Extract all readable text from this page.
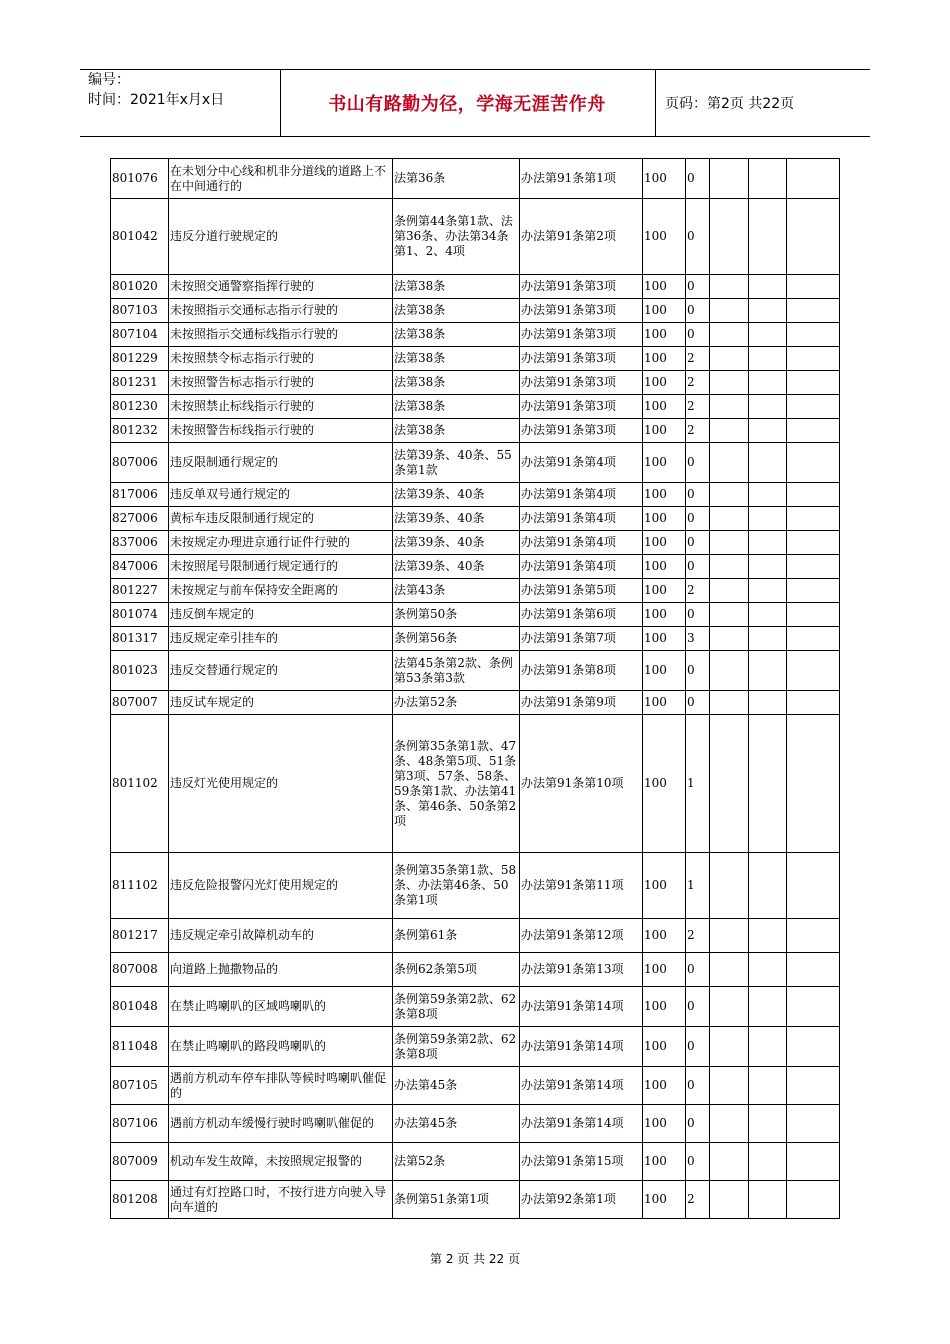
编号：
时间：2021年x月x日	书山有路勤为径，学海无涯苦作舟	页码：第2页 共22页
801076	在未划分中心线和机非分道线的道路上不在中间通行的	法第36条	办法第91条第1项	100	0			
801042	违反分道行驶规定的	条例第44条第1款、法第36条、办法第34条第1、2、4项	办法第91条第2项	100	0			
801020	未按照交通警察指挥行驶的	法第38条	办法第91条第3项	100	0			
807103	未按照指示交通标志指示行驶的	法第38条	办法第91条第3项	100	0			
807104	未按照指示交通标线指示行驶的	法第38条	办法第91条第3项	100	0			
801229	未按照禁令标志指示行驶的	法第38条	办法第91条第3项	100	2			
801231	未按照警告标志指示行驶的	法第38条	办法第91条第3项	100	2			
801230	未按照禁止标线指示行驶的	法第38条	办法第91条第3项	100	2			
801232	未按照警告标线指示行驶的	法第38条	办法第91条第3项	100	2			
807006	违反限制通行规定的	法第39条、40条、55条第1款	办法第91条第4项	100	0			
817006	违反单双号通行规定的	法第39条、40条	办法第91条第4项	100	0			
827006	黄标车违反限制通行规定的	法第39条、40条	办法第91条第4项	100	0			
837006	未按规定办理进京通行证件行驶的	法第39条、40条	办法第91条第4项	100	0			
847006	未按照尾号限制通行规定通行的	法第39条、40条	办法第91条第4项	100	0			
801227	未按规定与前车保持安全距离的	法第43条	办法第91条第5项	100	2			
801074	违反倒车规定的	条例第50条	办法第91条第6项	100	0			
801317	违反规定牵引挂车的	条例第56条	办法第91条第7项	100	3			
801023	违反交替通行规定的	法第45条第2款、条例第53条第3款	办法第91条第8项	100	0			
807007	违反试车规定的	办法第52条	办法第91条第9项	100	0			
801102	违反灯光使用规定的	条例第35条第1款、47条、48条第5项、51条第3项、57条、58条、59条第1款、办法第41条、第46条、50条第2项	办法第91条第10项	100	1			
811102	违反危险报警闪光灯使用规定的	条例第35条第1款、58条、办法第46条、50条第1项	办法第91条第11项	100	1			
801217	违反规定牵引故障机动车的	条例第61条	办法第91条第12项	100	2			
807008	向道路上抛撒物品的	条例62条第5项	办法第91条第13项	100	0			
801048	在禁止鸣喇叭的区域鸣喇叭的	条例第59条第2款、62条第8项	办法第91条第14项	100	0			
811048	在禁止鸣喇叭的路段鸣喇叭的	条例第59条第2款、62条第8项	办法第91条第14项	100	0			
807105	遇前方机动车停车排队等候时鸣喇叭催促的	办法第45条	办法第91条第14项	100	0			
807106	遇前方机动车缓慢行驶时鸣喇叭催促的	办法第45条	办法第91条第14项	100	0			
807009	机动车发生故障，未按照规定报警的	法第52条	办法第91条第15项	100	0			
801208	通过有灯控路口时，不按行进方向驶入导向车道的	条例第51条第1项	办法第92条第1项	100	2			
第 2 页 共 22 页
